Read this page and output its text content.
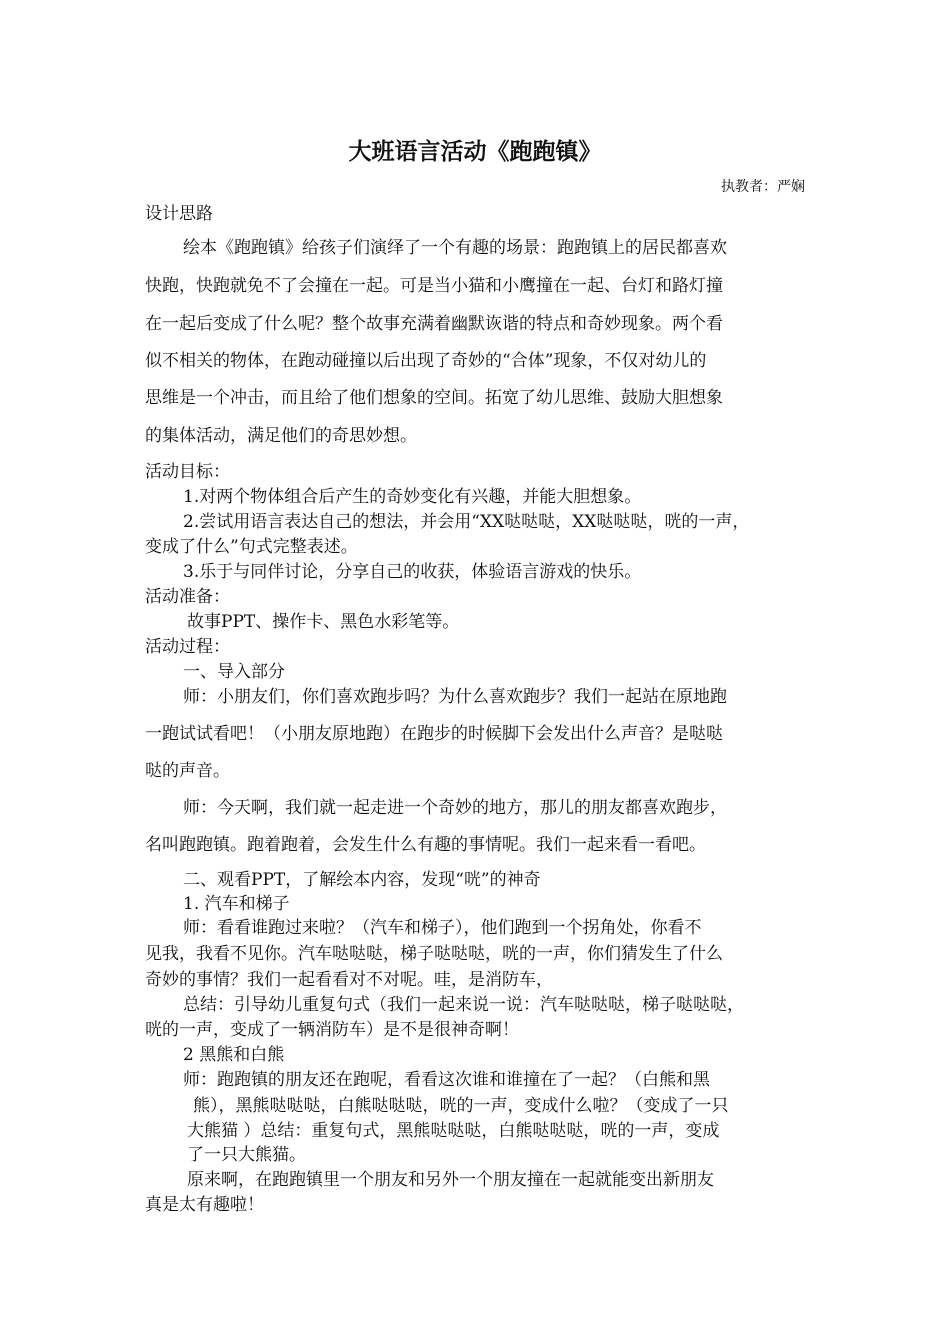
大班语言活动《跑跑镇》
执教者：严娴
设计思路
绘本《跑跑镇》给孩子们演绎了一个有趣的场景：跑跑镇上的居民都喜欢
快跑，快跑就免不了会撞在一起。可是当小猫和小鹰撞在一起、台灯和路灯撞
在一起后变成了什么呢？整个故事充满着幽默诙谐的特点和奇妙现象。两个看
似不相关的物体，在跑动碰撞以后出现了奇妙的“合体”现象，不仅对幼儿的
思维是一个冲击，而且给了他们想象的空间。拓宽了幼儿思维、鼓励大胆想象
的集体活动，满足他们的奇思妙想。
活动目标：
1.对两个物体组合后产生的奇妙变化有兴趣，并能大胆想象。
2.尝试用语言表达自己的想法，并会用“XX哒哒哒，XX哒哒哒，咣的一声，
变成了什么”句式完整表述。
3.乐于与同伴讨论，分享自己的收获，体验语言游戏的快乐。
活动准备：
故事PPT、操作卡、黑色水彩笔等。
活动过程：
一、导入部分
师：小朋友们，你们喜欢跑步吗？为什么喜欢跑步？我们一起站在原地跑
一跑试试看吧！（小朋友原地跑）在跑步的时候脚下会发出什么声音？是哒哒
哒的声音。
师：今天啊，我们就一起走进一个奇妙的地方，那儿的朋友都喜欢跑步，
名叫跑跑镇。跑着跑着，会发生什么有趣的事情呢。我们一起来看一看吧。
二、观看PPT，了解绘本内容，发现“咣”的神奇
1. 汽车和梯子
师：看看谁跑过来啦？（汽车和梯子），他们跑到一个拐角处，你看不
见我，我看不见你。汽车哒哒哒，梯子哒哒哒，咣的一声，你们猜发生了什么
奇妙的事情？我们一起看看对不对呢。哇，是消防车，
总结：引导幼儿重复句式（我们一起来说一说：汽车哒哒哒，梯子哒哒哒，
咣的一声，变成了一辆消防车）是不是很神奇啊！
2 黑熊和白熊
师：跑跑镇的朋友还在跑呢，看看这次谁和谁撞在了一起？（白熊和黑
熊），黑熊哒哒哒，白熊哒哒哒，咣的一声，变成什么啦？（变成了一只
大熊猫 ）总结：重复句式，黑熊哒哒哒，白熊哒哒哒，咣的一声，变成
了一只大熊猫。
原来啊，在跑跑镇里一个朋友和另外一个朋友撞在一起就能变出新朋友
真是太有趣啦！
